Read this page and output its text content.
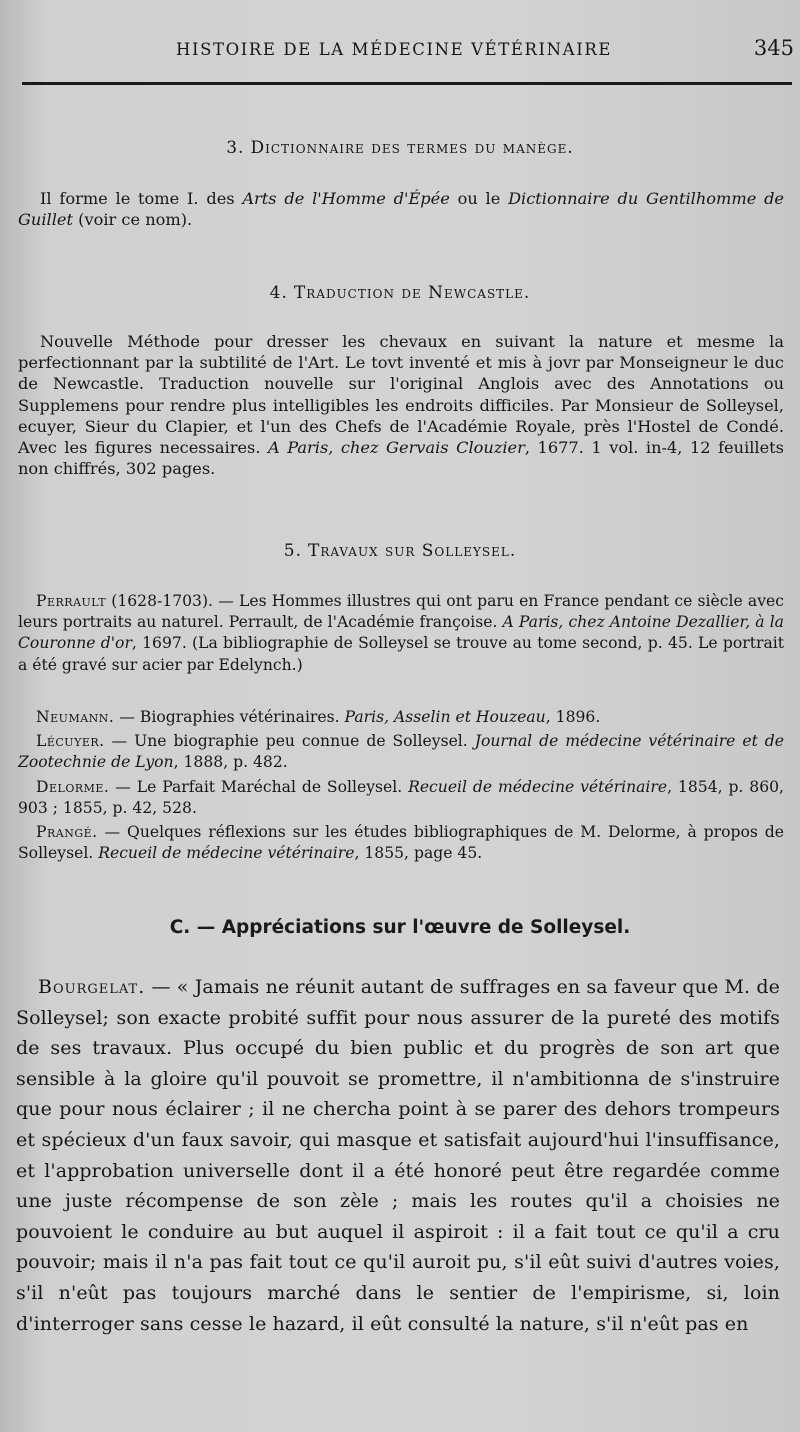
HISTOIRE DE LA MÉDECINE VÉTÉRINAIRE	345
3. Dictionnaire des termes du manège.

Il forme le tome I. des Arts de l'Homme d'Épée ou le Dictionnaire du Gentilhomme de Guillet (voir ce nom).

4. Traduction de Newcastle.

Nouvelle Méthode pour dresser les chevaux en suivant la nature et mesme la perfectionnant par la subtilité de l'Art. Le tovt inventé et mis à jovr par Monseigneur le duc de Newcastle. Traduction nouvelle sur l'original Anglois avec des Annotations ou Supplemens pour rendre plus intelligibles les endroits difficiles. Par Monsieur de Solleysel, ecuyer, Sieur du Clapier, et l'un des Chefs de l'Académie Royale, près l'Hostel de Condé. Avec les figures necessaires. A Paris, chez Gervais Clouzier, 1677. 1 vol. in-4, 12 feuillets non chiffrés, 302 pages.

5. Travaux sur Solleysel.

Perrault (1628-1703). — Les Hommes illustres qui ont paru en France pendant ce siècle avec leurs portraits au naturel. Perrault, de l'Académie françoise. A Paris, chez Antoine Dezallier, à la Couronne d'or, 1697. (La bibliographie de Solleysel se trouve au tome second, p. 45. Le portrait a été gravé sur acier par Edelynch.)

Neumann. — Biographies vétérinaires. Paris, Asselin et Houzeau, 1896.

Lécuyer. — Une biographie peu connue de Solleysel. Journal de médecine vétérinaire et de Zootechnie de Lyon, 1888, p. 482.

Delorme. — Le Parfait Maréchal de Solleysel. Recueil de médecine vétérinaire, 1854, p. 860, 903 ; 1855, p. 42, 528.

Prangé. — Quelques réflexions sur les études bibliographiques de M. Delorme, à propos de Solleysel. Recueil de médecine vétérinaire, 1855, page 45.

C. — Appréciations sur l'œuvre de Solleysel.

Bourgelat. — « Jamais ne réunit autant de suffrages en sa faveur que M. de Solleysel; son exacte probité suffit pour nous assurer de la pureté des motifs de ses travaux. Plus occupé du bien public et du progrès de son art que sensible à la gloire qu'il pouvoit se promettre, il n'ambitionna de s'instruire que pour nous éclairer ; il ne chercha point à se parer des dehors trompeurs et spécieux d'un faux savoir, qui masque et satisfait aujourd'hui l'insuffisance, et l'approbation universelle dont il a été honoré peut être regardée comme une juste récompense de son zèle ; mais les routes qu'il a choisies ne pouvoient le conduire au but auquel il aspiroit : il a fait tout ce qu'il a cru pouvoir; mais il n'a pas fait tout ce qu'il auroit pu, s'il eût suivi d'autres voies, s'il n'eût pas toujours marché dans le sentier de l'empirisme, si, loin d'interroger sans cesse le hazard, il eût consulté la nature, s'il n'eût pas en
